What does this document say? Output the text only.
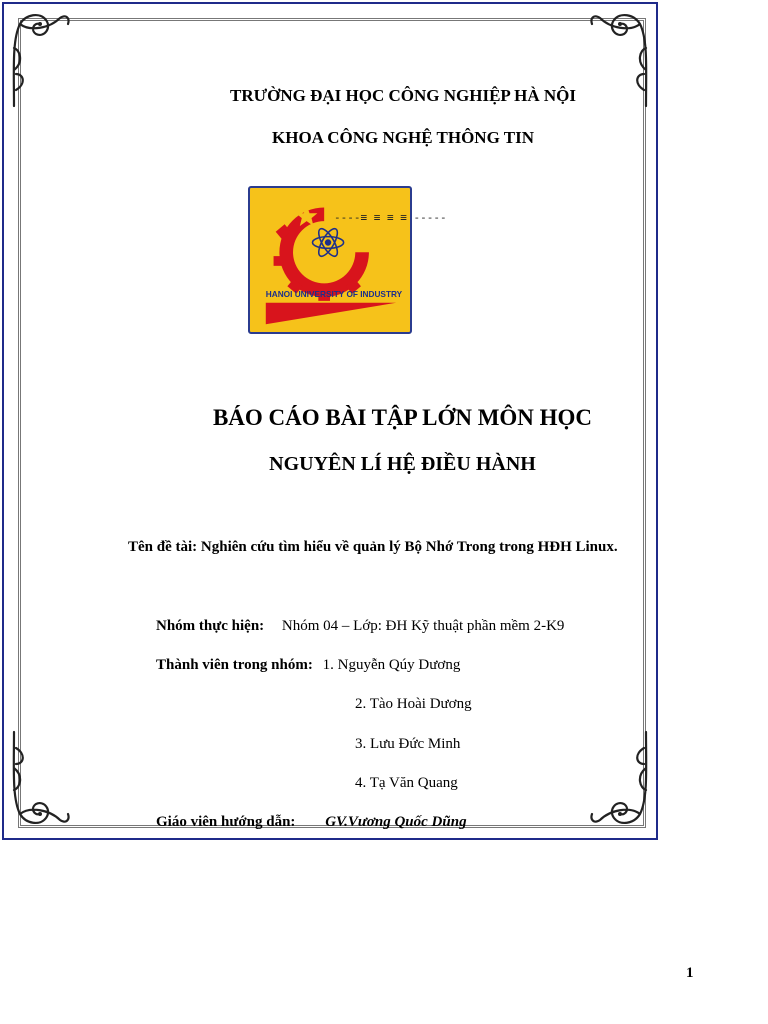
TRƯỜNG ĐẠI HỌC CÔNG NGHIỆP HÀ NỘI
KHOA CÔNG NGHỆ THÔNG TIN
HANOI UNIVERSITY OF INDUSTRY
----≡ ≡ ≡ ≡ -----
BÁO CÁO BÀI TẬP LỚN MÔN HỌC
NGUYÊN LÍ HỆ ĐIỀU HÀNH
Tên đề tài: Nghiên cứu tìm hiểu về quản lý Bộ Nhớ Trong trong HĐH Linux.
Nhóm thực hiện: Nhóm 04 – Lớp: ĐH Kỹ thuật phần mềm 2-K9
Thành viên trong nhóm: 1. Nguyễn Qúy Dương
2. Tào Hoài Dương
3. Lưu Đức Minh
4. Tạ Văn Quang
Giáo viên hướng dẫn: GV.Vương Quốc Dũng
1
